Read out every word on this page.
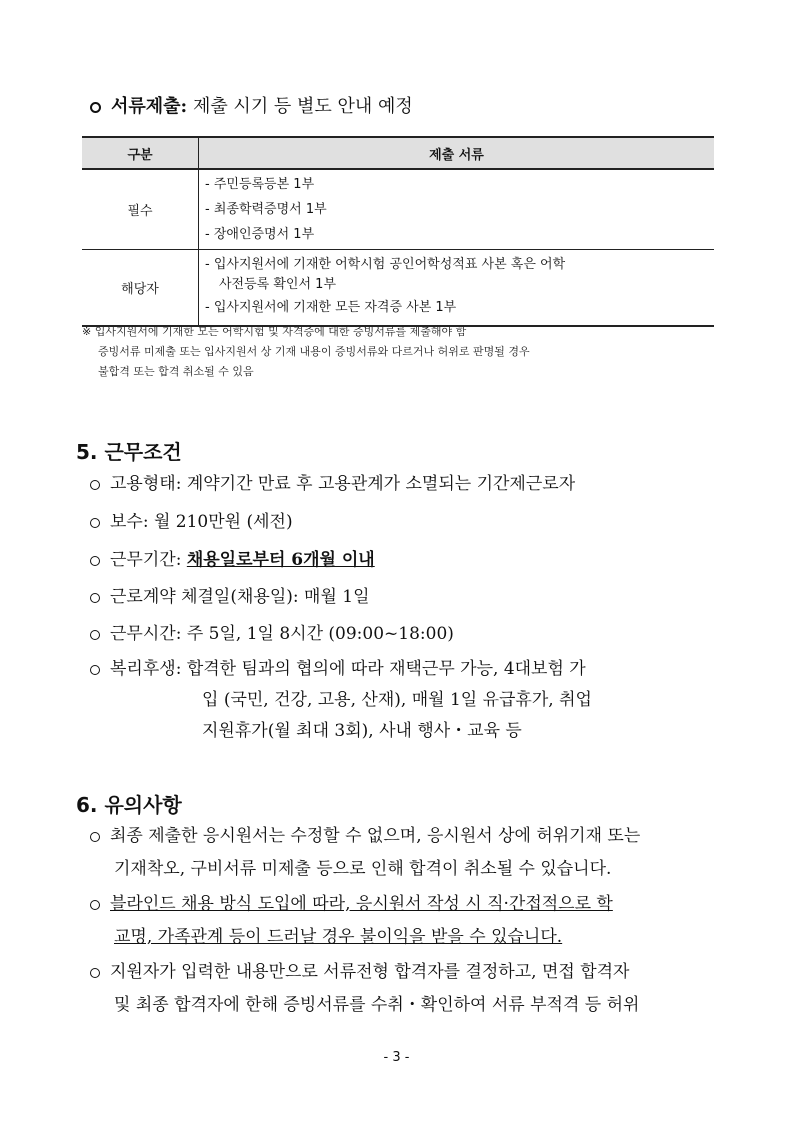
서류제출: 제출 시기 등 별도 안내 예정
구분	제출 서류
필수	- 주민등록등본 1부
- 최종학력증명서 1부
- 장애인증명서 1부

해당자	- 입사지원서에 기재한 어학시험 공인어학성적표 사본 혹은 어학
사전등록 확인서 1부
- 입사지원서에 기재한 모든 자격증 사본 1부
※ 입사지원서에 기재한 모든 어학시험 및 자격증에 대한 증빙서류를 제출해야 함
증빙서류 미제출 또는 입사지원서 상 기재 내용이 증빙서류와 다르거나 허위로 판명될 경우
불합격 또는 합격 취소될 수 있음
5. 근무조건
고용형태: 계약기간 만료 후 고용관계가 소멸되는 기간제근로자
보수: 월 210만원 (세전)
근무기간: 채용일로부터 6개월 이내
근로계약 체결일(채용일): 매월 1일
근무시간: 주 5일, 1일 8시간 (09:00~18:00)
복리후생: 합격한 팀과의 협의에 따라 재택근무 가능, 4대보험 가
입 (국민, 건강, 고용, 산재), 매월 1일 유급휴가, 취업
지원휴가(월 최대 3회), 사내 행사・교육 등
6. 유의사항
최종 제출한 응시원서는 수정할 수 없으며, 응시원서 상에 허위기재 또는
기재착오, 구비서류 미제출 등으로 인해 합격이 취소될 수 있습니다.
블라인드 채용 방식 도입에 따라, 응시원서 작성 시 직·간접적으로 학
교명, 가족관계 등이 드러날 경우 불이익을 받을 수 있습니다.
지원자가 입력한 내용만으로 서류전형 합격자를 결정하고, 면접 합격자
및 최종 합격자에 한해 증빙서류를 수취・확인하여 서류 부적격 등 허위
- 3 -
